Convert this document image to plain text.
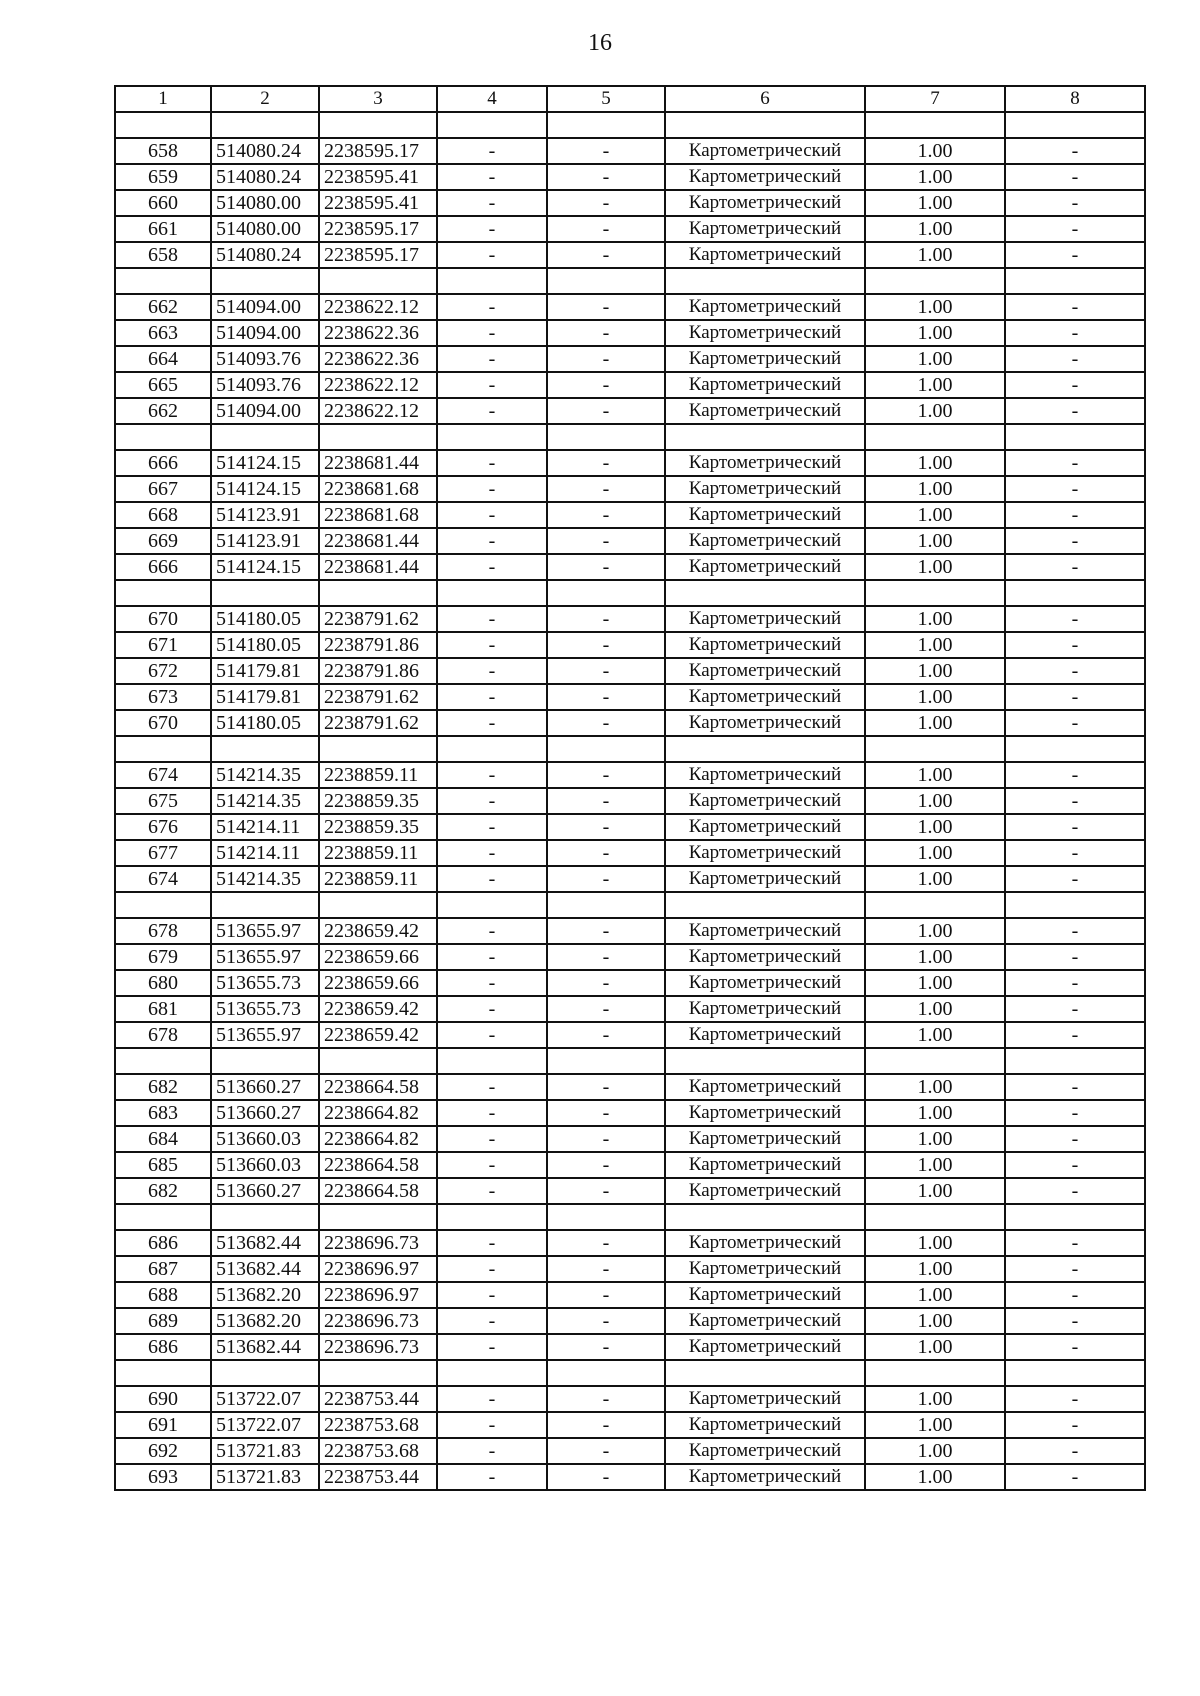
16
1	2	3	4	5	6	7	8

658	514080.24	2238595.17	-	-	Картометрический	1.00	-
659	514080.24	2238595.41	-	-	Картометрический	1.00	-
660	514080.00	2238595.41	-	-	Картометрический	1.00	-
661	514080.00	2238595.17	-	-	Картометрический	1.00	-
658	514080.24	2238595.17	-	-	Картометрический	1.00	-

662	514094.00	2238622.12	-	-	Картометрический	1.00	-
663	514094.00	2238622.36	-	-	Картометрический	1.00	-
664	514093.76	2238622.36	-	-	Картометрический	1.00	-
665	514093.76	2238622.12	-	-	Картометрический	1.00	-
662	514094.00	2238622.12	-	-	Картометрический	1.00	-

666	514124.15	2238681.44	-	-	Картометрический	1.00	-
667	514124.15	2238681.68	-	-	Картометрический	1.00	-
668	514123.91	2238681.68	-	-	Картометрический	1.00	-
669	514123.91	2238681.44	-	-	Картометрический	1.00	-
666	514124.15	2238681.44	-	-	Картометрический	1.00	-

670	514180.05	2238791.62	-	-	Картометрический	1.00	-
671	514180.05	2238791.86	-	-	Картометрический	1.00	-
672	514179.81	2238791.86	-	-	Картометрический	1.00	-
673	514179.81	2238791.62	-	-	Картометрический	1.00	-
670	514180.05	2238791.62	-	-	Картометрический	1.00	-

674	514214.35	2238859.11	-	-	Картометрический	1.00	-
675	514214.35	2238859.35	-	-	Картометрический	1.00	-
676	514214.11	2238859.35	-	-	Картометрический	1.00	-
677	514214.11	2238859.11	-	-	Картометрический	1.00	-
674	514214.35	2238859.11	-	-	Картометрический	1.00	-

678	513655.97	2238659.42	-	-	Картометрический	1.00	-
679	513655.97	2238659.66	-	-	Картометрический	1.00	-
680	513655.73	2238659.66	-	-	Картометрический	1.00	-
681	513655.73	2238659.42	-	-	Картометрический	1.00	-
678	513655.97	2238659.42	-	-	Картометрический	1.00	-

682	513660.27	2238664.58	-	-	Картометрический	1.00	-
683	513660.27	2238664.82	-	-	Картометрический	1.00	-
684	513660.03	2238664.82	-	-	Картометрический	1.00	-
685	513660.03	2238664.58	-	-	Картометрический	1.00	-
682	513660.27	2238664.58	-	-	Картометрический	1.00	-

686	513682.44	2238696.73	-	-	Картометрический	1.00	-
687	513682.44	2238696.97	-	-	Картометрический	1.00	-
688	513682.20	2238696.97	-	-	Картометрический	1.00	-
689	513682.20	2238696.73	-	-	Картометрический	1.00	-
686	513682.44	2238696.73	-	-	Картометрический	1.00	-

690	513722.07	2238753.44	-	-	Картометрический	1.00	-
691	513722.07	2238753.68	-	-	Картометрический	1.00	-
692	513721.83	2238753.68	-	-	Картометрический	1.00	-
693	513721.83	2238753.44	-	-	Картометрический	1.00	-
